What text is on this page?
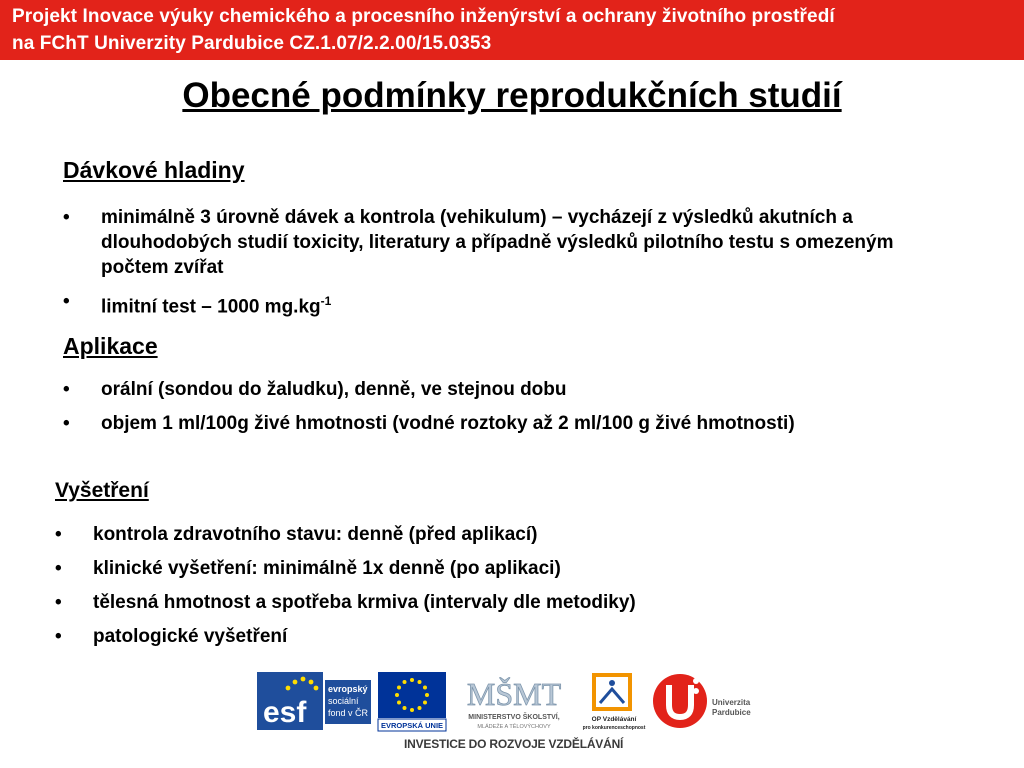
Projekt Inovace výuky chemického a procesního inženýrství a ochrany životního prostředí
na FChT Univerzity Pardubice CZ.1.07/2.2.00/15.0353
Obecné podmínky reprodukčních studií
Dávkové hladiny
• minimálně 3 úrovně dávek a kontrola (vehikulum) – vycházejí z výsledků akutních a dlouhodobých studií toxicity, literatury a případně výsledků pilotního testu s omezeným počtem zvířat
• limitní test – 1000 $mg.kg^{-1}$
Aplikace
• orální (sondou do žaludku), denně, ve stejnou dobu
• objem 1 ml/100g živé hmotnosti (vodné roztoky až 2 ml/100 g živé hmotnosti)
Vyšetření
• kontrola zdravotního stavu: denně (před aplikací)
• klinické vyšetření: minimálně 1x denně (po aplikaci)
• tělesná hmotnost a spotřeba krmiva (intervaly dle metodiky)
• patologické vyšetření
esf
evropský
sociální
fond v ČR
EVROPSKÁ UNIE
MŠMT
MINISTERSTVO ŠKOLSTVÍ,
MLÁDEŽE A TĚLOVÝCHOVY
OP Vzdělávání
pro konkurenceschopnost
Univerzita
Pardubice
INVESTICE DO ROZVOJE VZDĚLÁVÁNÍ
